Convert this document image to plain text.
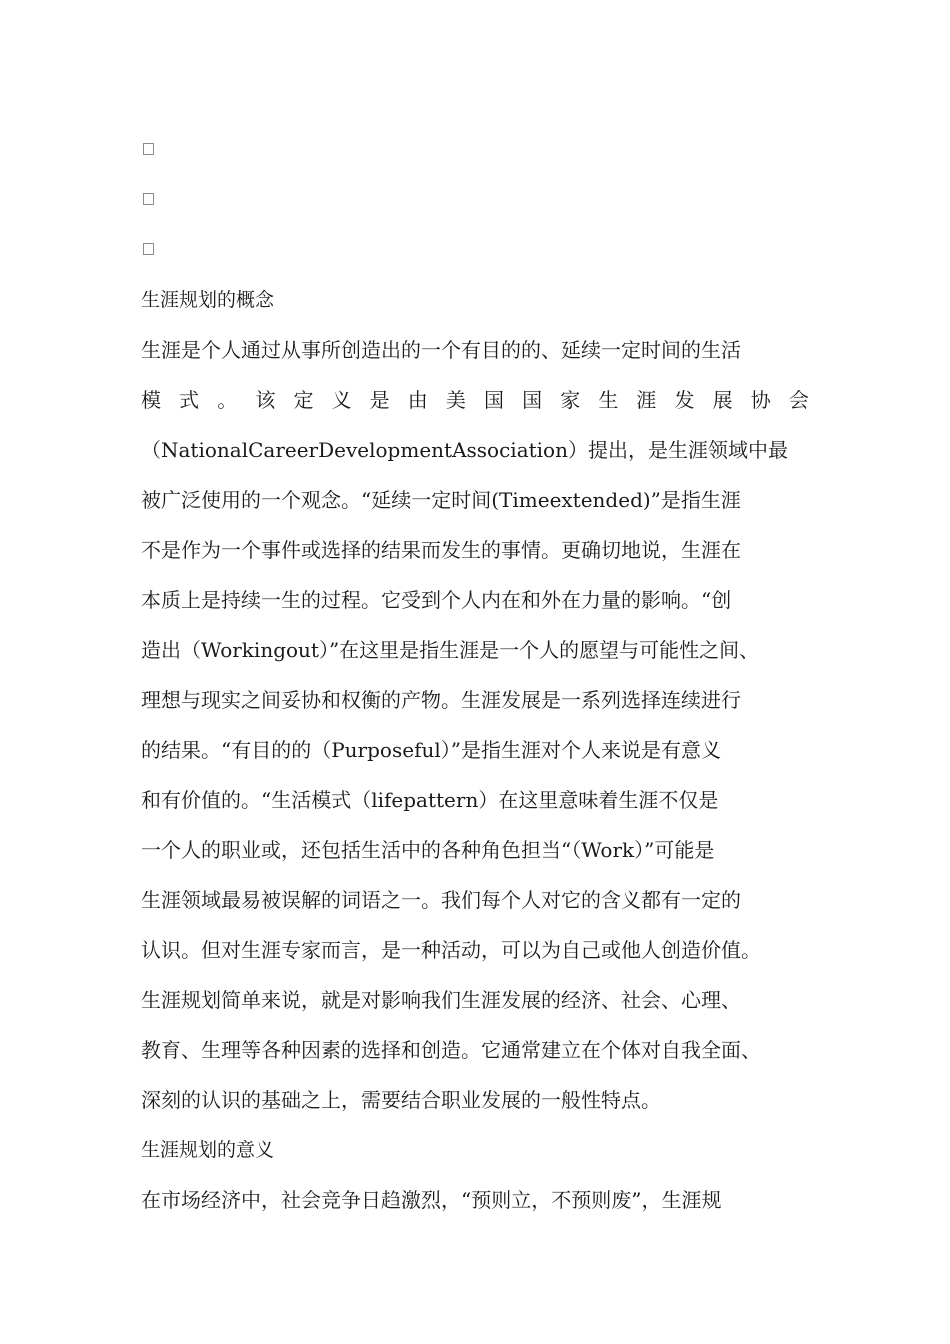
生涯规划的概念
生涯是个人通过从事所创造出的一个有目的的、延续一定时间的生活
模 式 。 该 定 义 是 由 美 国 国 家 生 涯 发 展 协 会
（NationalCareerDevelopmentAssociation）提出，是生涯领域中最
被广泛使用的一个观念。“延续一定时间(Timeextended)”是指生涯
不是作为一个事件或选择的结果而发生的事情。更确切地说，生涯在
本质上是持续一生的过程。它受到个人内在和外在力量的影响。“创
造出（Workingout）”在这里是指生涯是一个人的愿望与可能性之间、
理想与现实之间妥协和权衡的产物。生涯发展是一系列选择连续进行
的结果。“有目的的（Purposeful）”是指生涯对个人来说是有意义
和有价值的。“生活模式（lifepattern）在这里意味着生涯不仅是
一个人的职业或，还包括生活中的各种角色担当“（Work）”可能是
生涯领域最易被误解的词语之一。我们每个人对它的含义都有一定的
认识。但对生涯专家而言，是一种活动，可以为自己或他人创造价值。
生涯规划简单来说，就是对影响我们生涯发展的经济、社会、心理、
教育、生理等各种因素的选择和创造。它通常建立在个体对自我全面、
深刻的认识的基础之上，需要结合职业发展的一般性特点。
生涯规划的意义
在市场经济中，社会竞争日趋激烈，“预则立，不预则废”，生涯规
